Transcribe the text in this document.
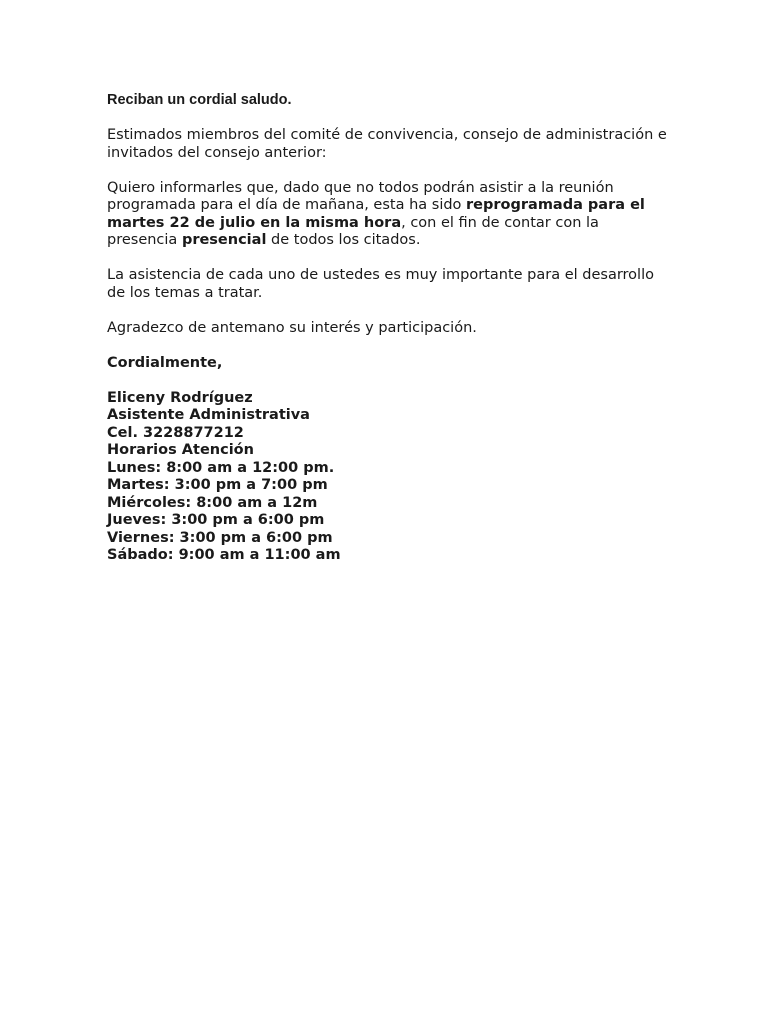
Reciban un cordial saludo.

Estimados miembros del comité de convivencia, consejo de administración e invitados del consejo anterior:

Quiero informarles que, dado que no todos podrán asistir a la reunión programada para el día de mañana, esta ha sido reprogramada para el martes 22 de julio en la misma hora, con el fin de contar con la presencia presencial de todos los citados.

La asistencia de cada uno de ustedes es muy importante para el desarrollo de los temas a tratar.

Agradezco de antemano su interés y participación.

Cordialmente,

Eliceny Rodríguez
Asistente Administrativa
Cel. 3228877212
Horarios Atención
Lunes: 8:00 am a 12:00 pm.
Martes: 3:00 pm a 7:00 pm
Miércoles: 8:00 am a 12m
Jueves: 3:00 pm a 6:00 pm
Viernes: 3:00 pm a 6:00 pm
Sábado: 9:00 am a 11:00 am
